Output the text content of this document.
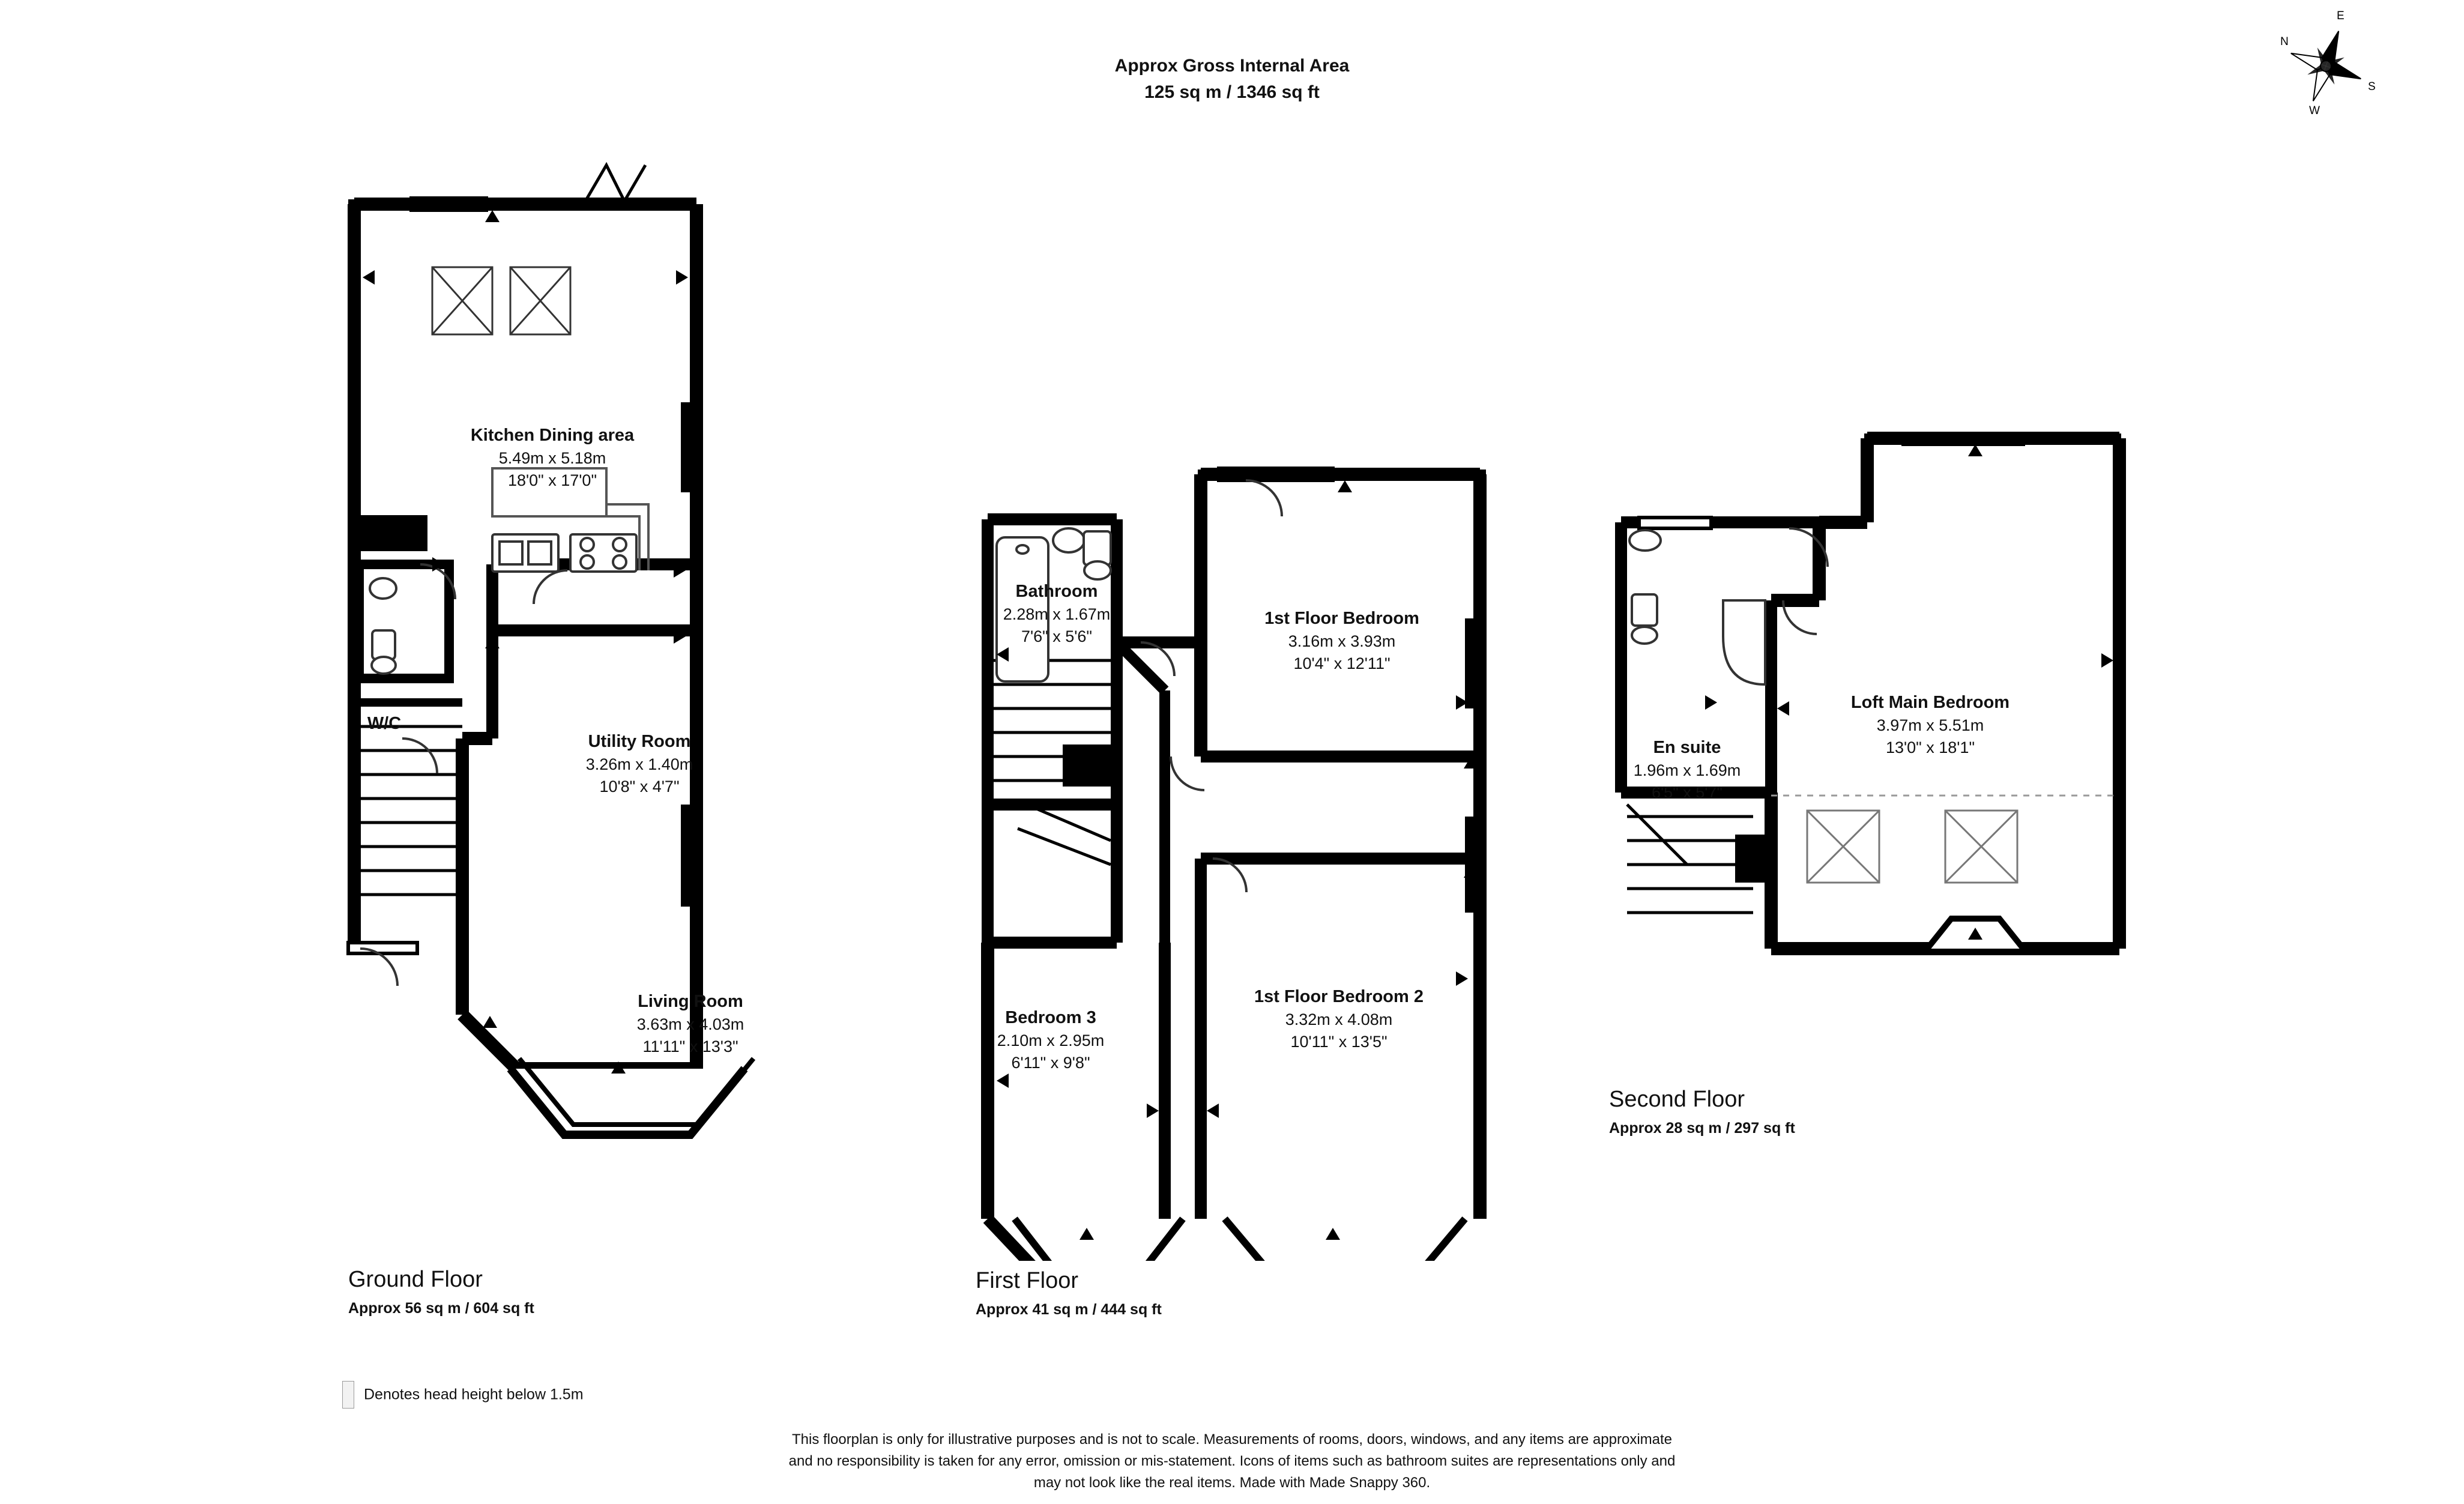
Approx Gross Internal Area
125 sq m / 1346 sq ft
E
N
S
W
Kitchen Dining area
5.49m x 5.18m
18'0" x 17'0"
W/C
Utility Room
3.26m x 1.40m
10'8" x 4'7"
Living Room
3.63m x 4.03m
11'11" x 13'3"
Ground Floor
Approx 56 sq m / 604 sq ft
Bathroom
2.28m x 1.67m
7'6" x 5'6"
1st Floor Bedroom
3.16m x 3.93m
10'4" x 12'11"
Bedroom 3
2.10m x 2.95m
6'11" x 9'8"
1st Floor Bedroom 2
3.32m x 4.08m
10'11" x 13'5"
First Floor
Approx 41 sq m / 444 sq ft
En suite
1.96m x 1.69m
6'5" x 5'7"
Loft Main Bedroom
3.97m x 5.51m
13'0" x 18'1"
Second Floor
Approx 28 sq m / 297 sq ft
Denotes head height below 1.5m
This floorplan is only for illustrative purposes and is not to scale. Measurements of rooms, doors, windows, and any items are approximate
and no responsibility is taken for any error, omission or mis-statement. Icons of items such as bathroom suites are representations only and
may not look like the real items. Made with Made Snappy 360.
